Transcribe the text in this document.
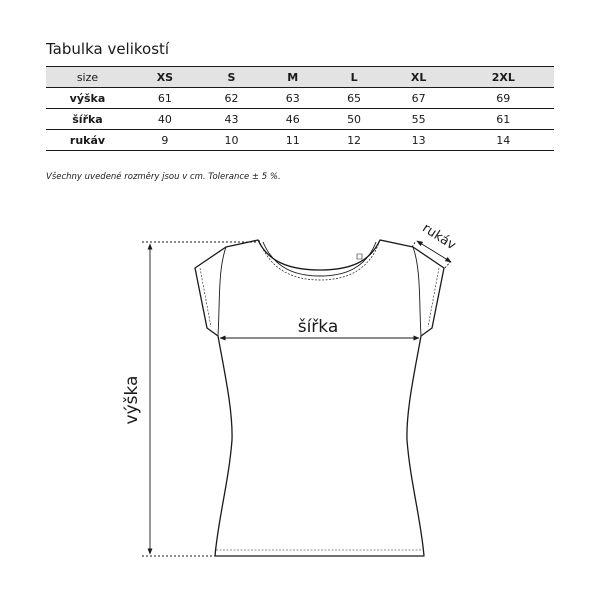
Tabulka velikostí
size	XS	S	M	L	XL	2XL
výška	61	62	63	65	67	69
šířka	40	43	46	50	55	61
rukáv	9	10	11	12	13	14
Všechny uvedené rozměry jsou v cm. Tolerance ± 5 %.
výška
šířka
rukáv
